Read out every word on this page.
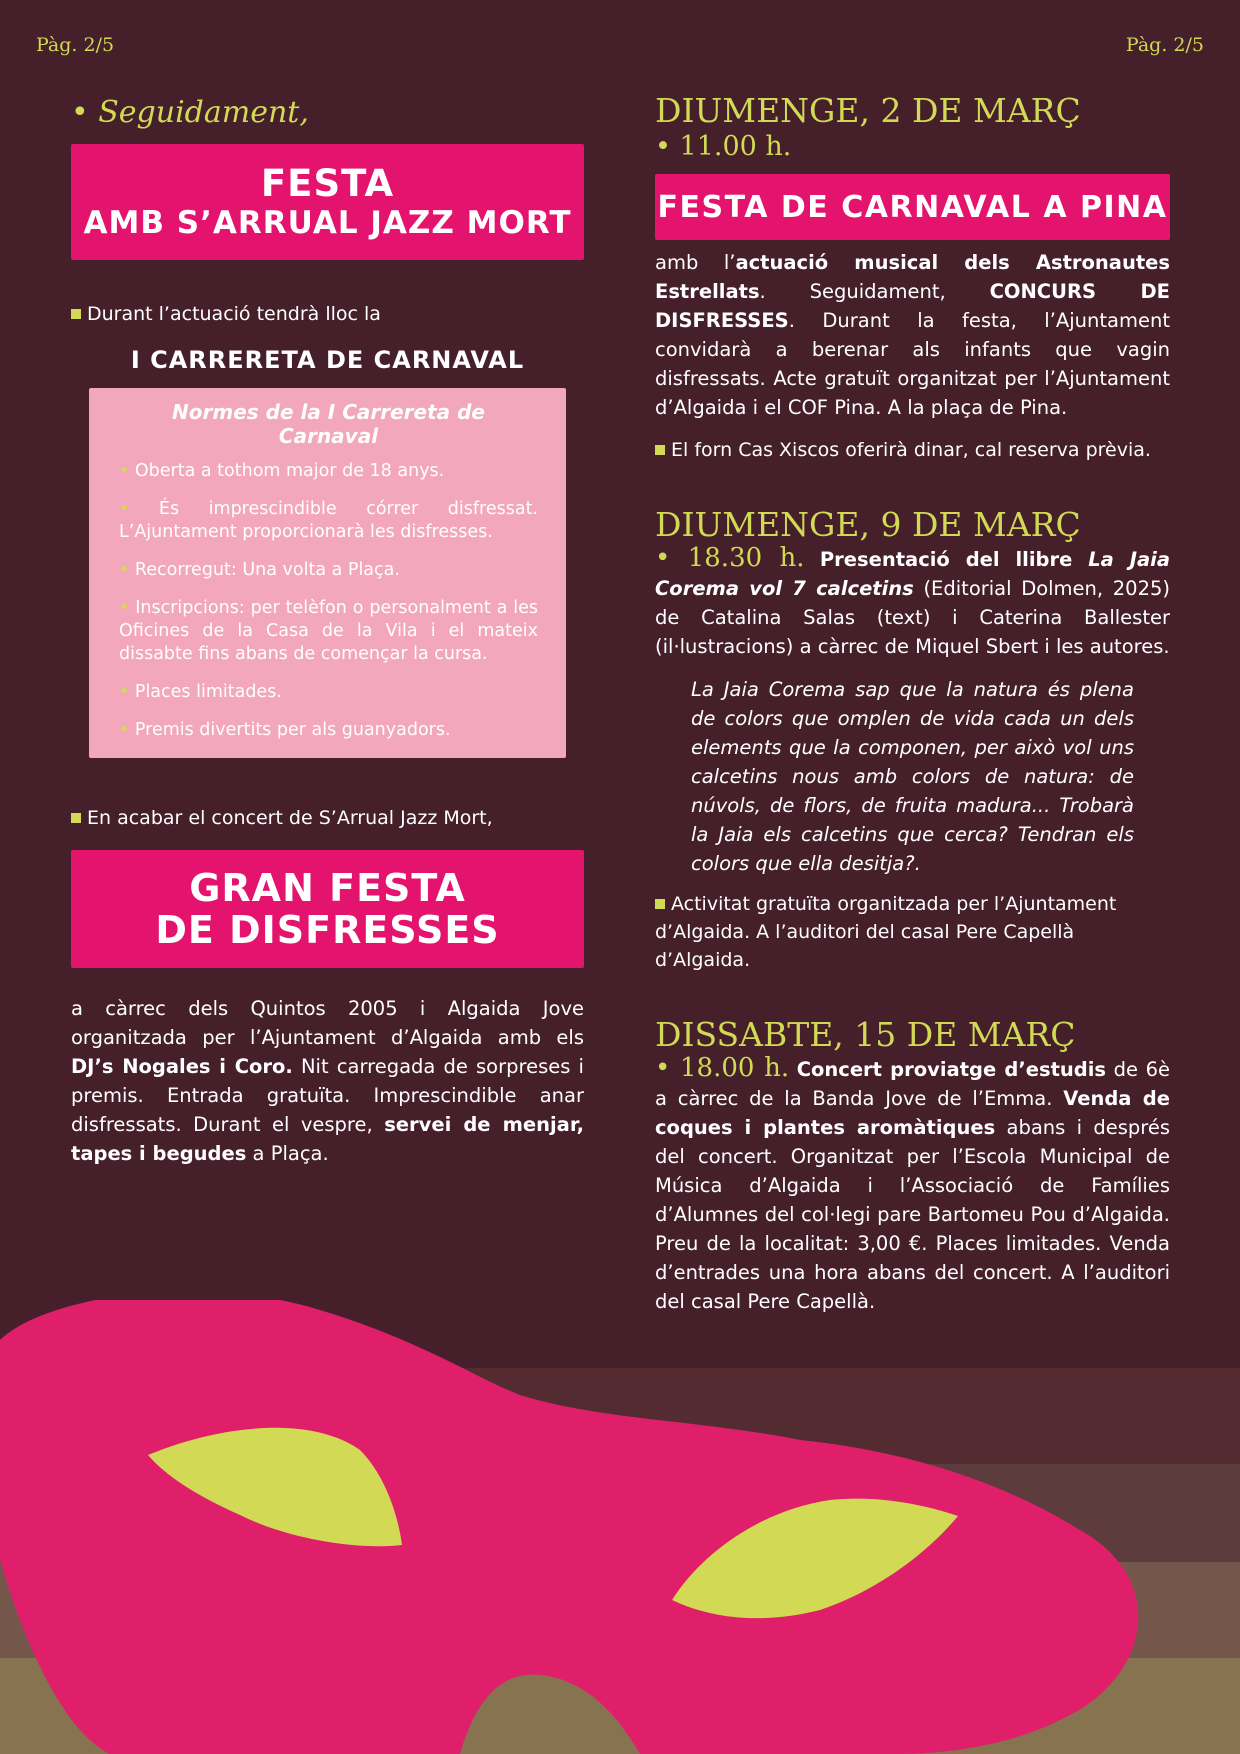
Pàg. 2/5	Pàg. 2/5
• Seguidament,
FESTA
AMB S’ARRUAL JAZZ MORT
Durant l’actuació tendrà lloc la
I CARRERETA DE CARNAVAL
Normes de la I Carrereta de Carnaval
• Oberta a tothom major de 18 anys.
• És imprescindible córrer disfressat. L’Ajuntament proporcionarà les disfresses.
• Recorregut: Una volta a Plaça.
• Inscripcions: per telèfon o personalment a les Oficines de la Casa de la Vila i el mateix dissabte fins abans de començar la cursa.
• Places limitades.
• Premis divertits per als guanyadors.
En acabar el concert de S’Arrual Jazz Mort,
GRAN FESTA
DE DISFRESSES
a càrrec dels Quintos 2005 i Algaida Jove organitzada per l’Ajuntament d’Algaida amb els DJ’s Nogales i Coro. Nit carregada de sorpreses i premis. Entrada gratuïta. Imprescindible anar disfressats. Durant el vespre, servei de menjar, tapes i begudes a Plaça.
DIUMENGE, 2 DE MARÇ
• 11.00 h.
FESTA DE CARNAVAL A PINA
amb l’actuació musical dels Astronautes Estrellats. Seguidament, CONCURS DE DISFRESSES. Durant la festa, l’Ajuntament convidarà a berenar als infants que vagin disfressats. Acte gratuït organitzat per l’Ajuntament d’Algaida i el COF Pina. A la plaça de Pina.
El forn Cas Xiscos oferirà dinar, cal reserva prèvia.
DIUMENGE, 9 DE MARÇ
• 18.30 h. Presentació del llibre La Jaia Corema vol 7 calcetins (Editorial Dolmen, 2025) de Catalina Salas (text) i Caterina Ballester (il·lustracions) a càrrec de Miquel Sbert i les autores.
La Jaia Corema sap que la natura és plena de colors que omplen de vida cada un dels elements que la componen, per això vol uns calcetins nous amb colors de natura: de núvols, de flors, de fruita madura... Trobarà la Jaia els calcetins que cerca? Tendran els colors que ella desitja?.
Activitat gratuïta organitzada per l’Ajuntament d’Algaida. A l’auditori del casal Pere Capellà d’Algaida.
DISSABTE, 15 DE MARÇ
• 18.00 h. Concert proviatge d’estudis de 6è a càrrec de la Banda Jove de l’Emma. Venda de coques i plantes aromàtiques abans i després del concert. Organitzat per l’Escola Municipal de Música d’Algaida i l’Associació de Famílies d’Alumnes del col·legi pare Bartomeu Pou d’Algaida. Preu de la localitat: 3,00 €. Places limitades. Venda d’entrades una hora abans del concert. A l’auditori del casal Pere Capellà.
